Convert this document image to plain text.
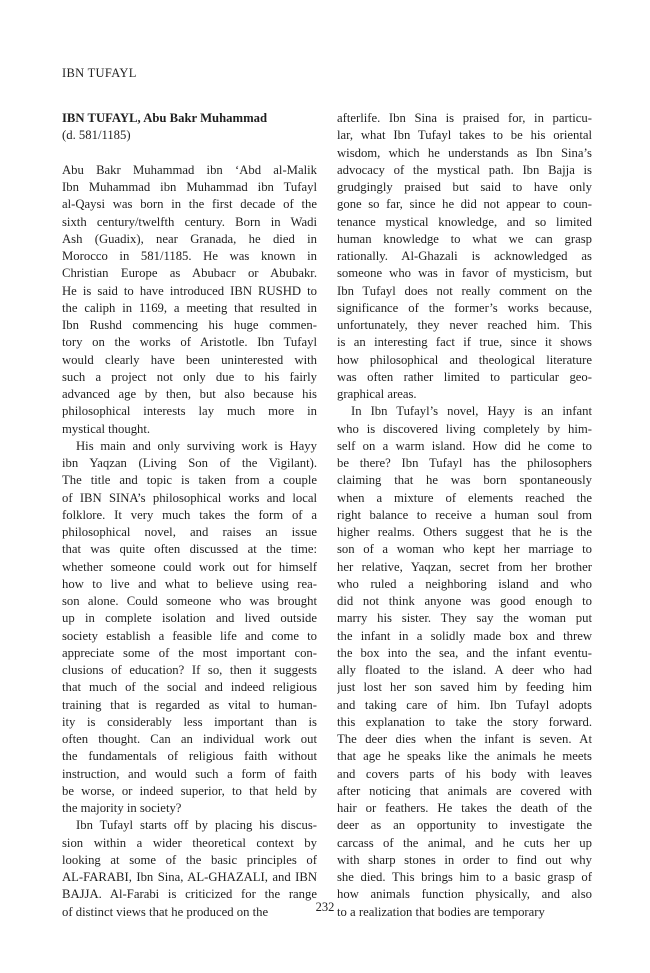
IBN TUFAYL
IBN TUFAYL, Abu Bakr Muhammad
(d. 581/1185)
Abu Bakr Muhammad ibn ‘Abd al-Malik
Ibn Muhammad ibn Muhammad ibn Tufayl
al-Qaysi was born in the first decade of the
sixth century/twelfth century. Born in Wadi
Ash (Guadix), near Granada, he died in
Morocco in 581/1185. He was known in
Christian Europe as Abubacr or Abubakr.
He is said to have introduced IBN RUSHD to
the caliph in 1169, a meeting that resulted in
Ibn Rushd commencing his huge commen-
tory on the works of Aristotle. Ibn Tufayl
would clearly have been uninterested with
such a project not only due to his fairly
advanced age by then, but also because his
philosophical interests lay much more in
mystical thought.
His main and only surviving work is Hayy
ibn Yaqzan (Living Son of the Vigilant).
The title and topic is taken from a couple
of IBN SINA’s philosophical works and local
folklore. It very much takes the form of a
philosophical novel, and raises an issue
that was quite often discussed at the time:
whether someone could work out for himself
how to live and what to believe using rea-
son alone. Could someone who was brought
up in complete isolation and lived outside
society establish a feasible life and come to
appreciate some of the most important con-
clusions of education? If so, then it suggests
that much of the social and indeed religious
training that is regarded as vital to human-
ity is considerably less important than is
often thought. Can an individual work out
the fundamentals of religious faith without
instruction, and would such a form of faith
be worse, or indeed superior, to that held by
the majority in society?
Ibn Tufayl starts off by placing his discus-
sion within a wider theoretical context by
looking at some of the basic principles of
AL-FARABI, Ibn Sina, AL-GHAZALI, and IBN
BAJJA. Al-Farabi is criticized for the range
of distinct views that he produced on the
afterlife. Ibn Sina is praised for, in particu-
lar, what Ibn Tufayl takes to be his oriental
wisdom, which he understands as Ibn Sina’s
advocacy of the mystical path. Ibn Bajja is
grudgingly praised but said to have only
gone so far, since he did not appear to coun-
tenance mystical knowledge, and so limited
human knowledge to what we can grasp
rationally. Al-Ghazali is acknowledged as
someone who was in favor of mysticism, but
Ibn Tufayl does not really comment on the
significance of the former’s works because,
unfortunately, they never reached him. This
is an interesting fact if true, since it shows
how philosophical and theological literature
was often rather limited to particular geo-
graphical areas.
In Ibn Tufayl’s novel, Hayy is an infant
who is discovered living completely by him-
self on a warm island. How did he come to
be there? Ibn Tufayl has the philosophers
claiming that he was born spontaneously
when a mixture of elements reached the
right balance to receive a human soul from
higher realms. Others suggest that he is the
son of a woman who kept her marriage to
her relative, Yaqzan, secret from her brother
who ruled a neighboring island and who
did not think anyone was good enough to
marry his sister. They say the woman put
the infant in a solidly made box and threw
the box into the sea, and the infant eventu-
ally floated to the island. A deer who had
just lost her son saved him by feeding him
and taking care of him. Ibn Tufayl adopts
this explanation to take the story forward.
The deer dies when the infant is seven. At
that age he speaks like the animals he meets
and covers parts of his body with leaves
after noticing that animals are covered with
hair or feathers. He takes the death of the
deer as an opportunity to investigate the
carcass of the animal, and he cuts her up
with sharp stones in order to find out why
she died. This brings him to a basic grasp of
how animals function physically, and also
to a realization that bodies are temporary
232
